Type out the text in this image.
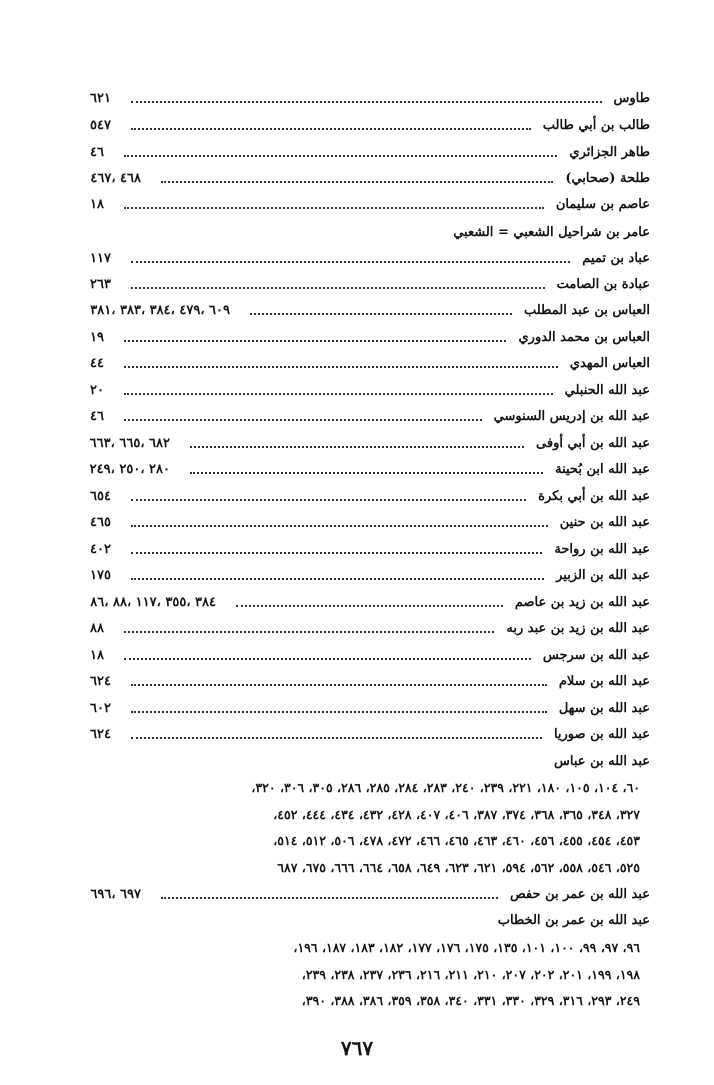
طاوس
٦٢١
طالب بن أبي طالب
٥٤٧
طاهر الجزائري
٤٦
طلحة (صحابي)
٤٦٨ ،٤٦٧
عاصم بن سليمان
١٨
عامر بن شراحيل الشعبي = الشعبي
عباد بن تميم
١١٧
عبادة بن الصامت
٢٦٣
العباس بن عبد المطلب
٦٠٩ ،٤٧٩ ،٣٨٤ ،٣٨٣ ،٣٨١
العباس بن محمد الدوري
١٩
العباس المهدي
٤٤
عبد الله الحنبلي
٢٠
عبد الله بن إدريس السنوسي
٤٦
عبد الله بن أبي أوفى
٦٨٢ ،٦٦٥ ،٦٦٣
عبد الله ابن بُحينة
٢٨٠ ،٢٥٠ ،٢٤٩
عبد الله بن أبي بكرة
٦٥٤
عبد الله بن حنين
٤٦٥
عبد الله بن رواحة
٤٠٢
عبد الله بن الزبير
١٧٥
عبد الله بن زيد بن عاصم
٣٨٤ ،٣٥٥ ،١١٧ ،٨٨ ،٨٦
عبد الله بن زيد بن عبد ربه
٨٨
عبد الله بن سرجس
١٨
عبد الله بن سلام
٦٢٤
عبد الله بن سهل
٦٠٢
عبد الله بن صوريا
٦٢٤
عبد الله بن عباس
٦٠، ١٠٤، ١٠٥، ١٨٠، ٢٢١، ٢٣٩، ٢٤٠، ٢٨٣، ٢٨٤، ٢٨٥، ٢٨٦، ٣٠٥، ٣٠٦، ٣٢٠،
٣٢٧، ٣٤٨، ٣٦٥، ٣٦٨، ٣٧٤، ٣٨٧، ٤٠٦، ٤٠٧، ٤٢٨، ٤٣٢، ٤٣٤، ٤٤٤، ٤٥٢،
٤٥٣، ٤٥٤، ٤٥٥، ٤٥٦، ٤٦٠، ٤٦٣، ٤٦٥، ٤٦٦، ٤٧٢، ٤٧٨، ٥٠٦، ٥١٢، ٥١٤،
٥٢٥، ٥٤٦، ٥٥٨، ٥٦٢، ٥٩٤، ٦٢١، ٦٢٣، ٦٤٩، ٦٥٨، ٦٦٤، ٦٦٦، ٦٧٥، ٦٨٧
عبد الله بن عمر بن حفص
٦٩٧ ،٦٩٦
عبد الله بن عمر بن الخطاب
٩٦، ٩٧، ٩٩، ١٠٠، ١٠١، ١٣٥، ١٧٥، ١٧٦، ١٧٧، ١٨٢، ١٨٣، ١٨٧، ١٩٦،
١٩٨، ١٩٩، ٢٠١، ٢٠٢، ٢٠٧، ٢١٠، ٢١١، ٢١٦، ٢٣٦، ٢٣٧، ٢٣٨، ٢٣٩،
٢٤٩، ٢٩٣، ٣١٦، ٣٢٩، ٣٣٠، ٣٣١، ٣٤٠، ٣٥٨، ٣٥٩، ٣٨٦، ٣٨٨، ٣٩٠،
٧٦٧
